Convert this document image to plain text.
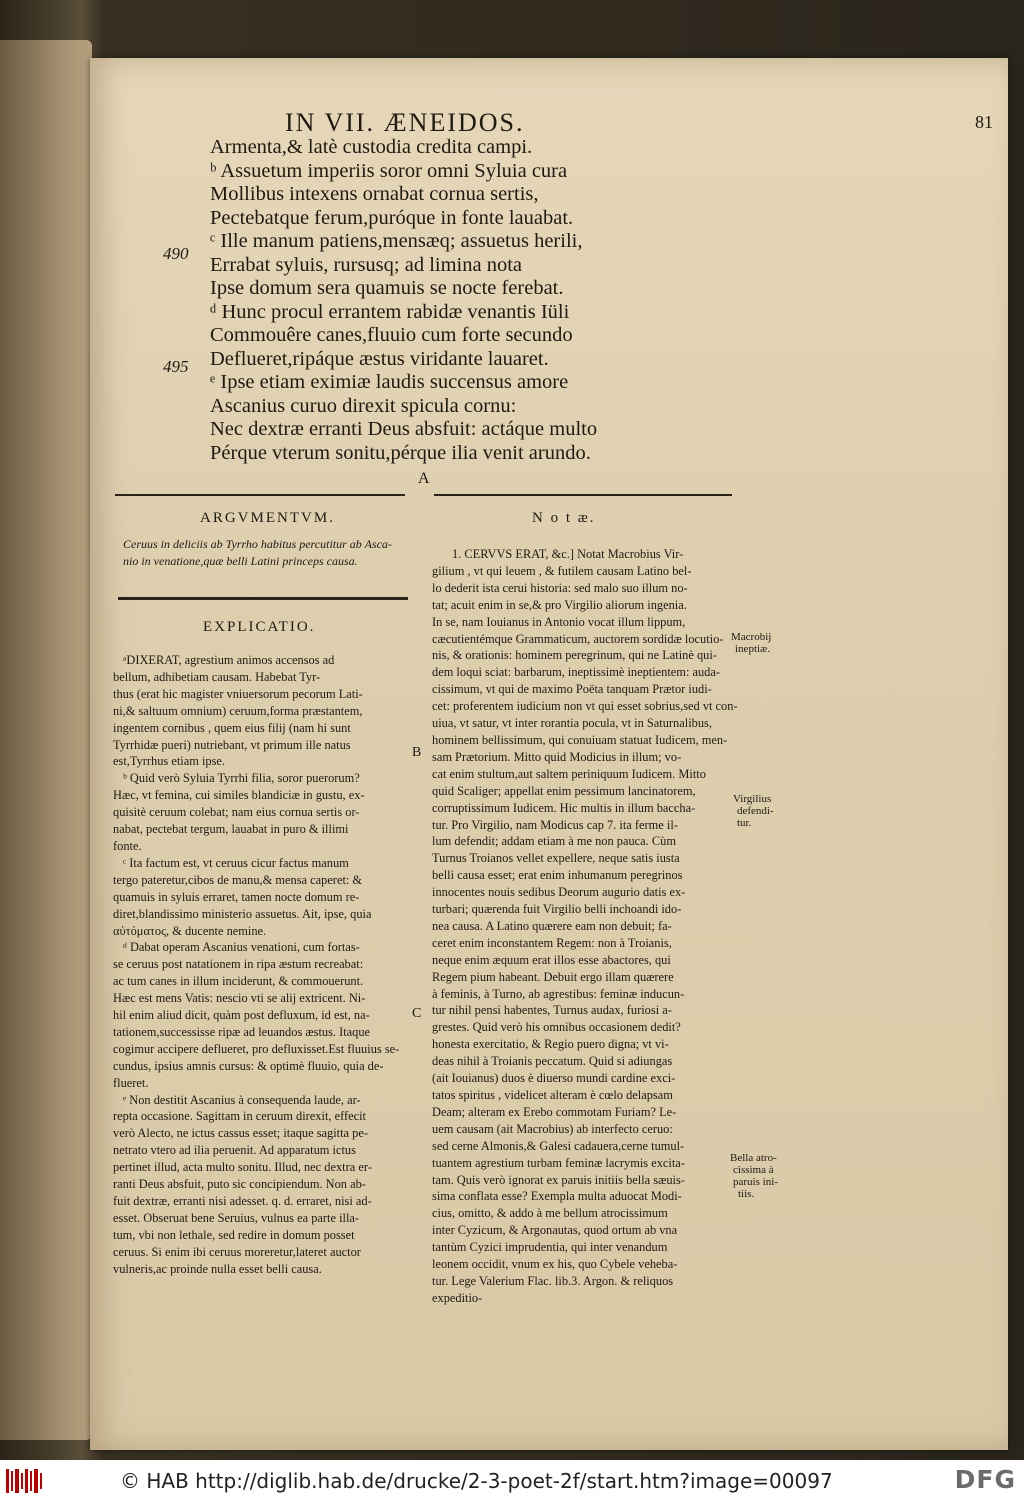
IN VII. ÆNEIDOS.	81
Armenta,& latè custodia credita campi.
ᵇ Assuetum imperiis soror omni Syluia cura
Mollibus intexens ornabat cornua sertis,
Pectebatque ferum,puróque in fonte lauabat.
ᶜ Ille manum patiens,mensæq; assuetus herili,
Errabat syluis, rursusq; ad limina nota
Ipse domum sera quamuis se nocte ferebat.
ᵈ Hunc procul errantem rabidæ venantis Iüli
Commouêre canes,fluuio cum forte secundo
Deflueret,ripáque æstus viridante lauaret.
ᵉ Ipse etiam eximiæ laudis succensus amore
Ascanius curuo direxit spicula cornu:
Nec dextræ erranti Deus absfuit: actáque multo
Pérque vterum sonitu,pérque ilia venit arundo.
490
495
A
ARGVMENTVM.
Ceruus in deliciis ab Tyrrho habitus percutitur ab Asca-
nio in venatione,quæ belli Latini princeps causa.
EXPLICATIO.
ᵃDIXERAT, agrestium animos accensos ad
bellum, adhibetiam causam. Habebat Tyr-
thus (erat hic magister vniuersorum pecorum Lati-
ni,& saltuum omnium) ceruum,forma præstantem,
ingentem cornibus , quem eius filij (nam hi sunt
Tyrrhidæ pueri) nutriebant, vt primum ille natus
est,Tyrrhus etiam ipse.
ᵇ Quid verò Syluia Tyrrhi filia, soror puerorum?
Hæc, vt femina, cui similes blandiciæ in gustu, ex-
quisitè ceruum colebat; nam eius cornua sertis or-
nabat, pectebat tergum, lauabat in puro & illimi
fonte.
ᶜ Ita factum est, vt ceruus cicur factus manum
tergo pateretur,cibos de manu,& mensa caperet: &
quamuis in syluis erraret, tamen nocte domum re-
diret,blandissimo ministerio assuetus. Ait, ipse, quia
αὐτόματος, & ducente nemine.
ᵈ Dabat operam Ascanius venationi, cum fortas-
se ceruus post natationem in ripa æstum recreabat:
ac tum canes in illum inciderunt, & commouerunt.
Hæc est mens Vatis: nescio vti se alij extricent. Ni-
hil enim aliud dicit, quàm post defluxum, id est, na-
tationem,successisse ripæ ad leuandos æstus. Itaque
cogimur accipere deflueret, pro defluxisset.Est fluuius se-
cundus, ipsius amnis cursus: & optimè fluuio, quia de-
flueret.
ᵉ Non destitit Ascanius à consequenda laude, ar-
repta occasione. Sagittam in ceruum direxit, effecit
verò Alecto, ne ictus cassus esset; itaque sagitta pe-
netrato vtero ad ilia peruenit. Ad apparatum ictus
pertinet illud, acta multo sonitu. Illud, nec dextra er-
ranti Deus absfuit, puto sic concipiendum. Non ab-
fuit dextræ, erranti nisi adesset. q. d. erraret, nisi ad-
esset. Obseruat bene Seruius, vulnus ea parte illa-
tum, vbi non lethale, sed redire in domum posset
ceruus. Si enim ibi ceruus moreretur,lateret auctor
vulneris,ac proinde nulla esset belli causa.
B
C
N o t æ.
1. CERVVS ERAT, &c.] Notat Macrobius Vir-
gilium , vt qui leuem , & futilem causam Latino bel-
lo dederit ista cerui historia: sed malo suo illum no-
tat; acuit enim in se,& pro Virgilio aliorum ingenia.
In se, nam Iouianus in Antonio vocat illum lippum,
cæcutientémque Grammaticum, auctorem sordidæ locutio-
nis, & orationis: hominem peregrinum, qui ne Latinè qui-
dem loqui sciat: barbarum, ineptissimè ineptientem: auda-
cissimum, vt qui de maximo Poëta tanquam Prætor iudi-
cet: proferentem iudicium non vt qui esset sobrius,sed vt con-
uiua, vt satur, vt inter rorantia pocula, vt in Saturnalibus,
hominem bellissimum, qui conuiuam statuat Iudicem, men-
sam Prætorium. Mitto quid Modicius in illum; vo-
cat enim stultum,aut saltem periniquum Iudicem. Mitto
quid Scaliger; appellat enim pessimum lancinatorem,
corruptissimum Iudicem. Hic multis in illum baccha-
tur. Pro Virgilio, nam Modicus cap 7. ita ferme il-
lum defendit; addam etiam à me non pauca. Cùm
Turnus Troianos vellet expellere, neque satis iusta
belli causa esset; erat enim inhumanum peregrinos
innocentes nouis sedibus Deorum augurio datis ex-
turbari; quærenda fuit Virgilio belli inchoandi ido-
nea causa. A Latino quærere eam non debuit; fa-
ceret enim inconstantem Regem: non à Troianis,
neque enim æquum erat illos esse abactores, qui
Regem pium habeant. Debuit ergo illam quærere
à feminis, à Turno, ab agrestibus: feminæ inducun-
tur nihil pensi habentes, Turnus audax, furiosi a-
grestes. Quid verò his omnibus occasionem dedit?
honesta exercitatio, & Regio puero digna; vt vi-
deas nihil à Troianis peccatum. Quid si adiungas
(ait Iouianus) duos è diuerso mundi cardine exci-
tatos spiritus , videlicet alteram è cœlo delapsam
Deam; alteram ex Erebo commotam Furiam? Le-
uem causam (ait Macrobius) ab interfecto ceruo:
sed cerne Almonis,& Galesi cadauera,cerne tumul-
tuantem agrestium turbam feminæ lacrymis excita-
tam. Quis verò ignorat ex paruis initiis bella sæuis-
sima conflata esse? Exempla multa aduocat Modi-
cius, omitto, & addo à me bellum atrocissimum
inter Cyzicum, & Argonautas, quod ortum ab vna
tantùm Cyzici imprudentia, qui inter venandum
leonem occidit, vnum ex his, quo Cybele veheba-
tur. Lege Valerium Flac. lib.3. Argon. & reliquos
expeditio-
Macrobij
ineptiæ.
Virgilius
defendi-
tur.
Bella atro-
cissima à
paruis ini-
tiis.
© HAB http://diglib.hab.de/drucke/2-3-poet-2f/start.htm?image=00097	DFG
